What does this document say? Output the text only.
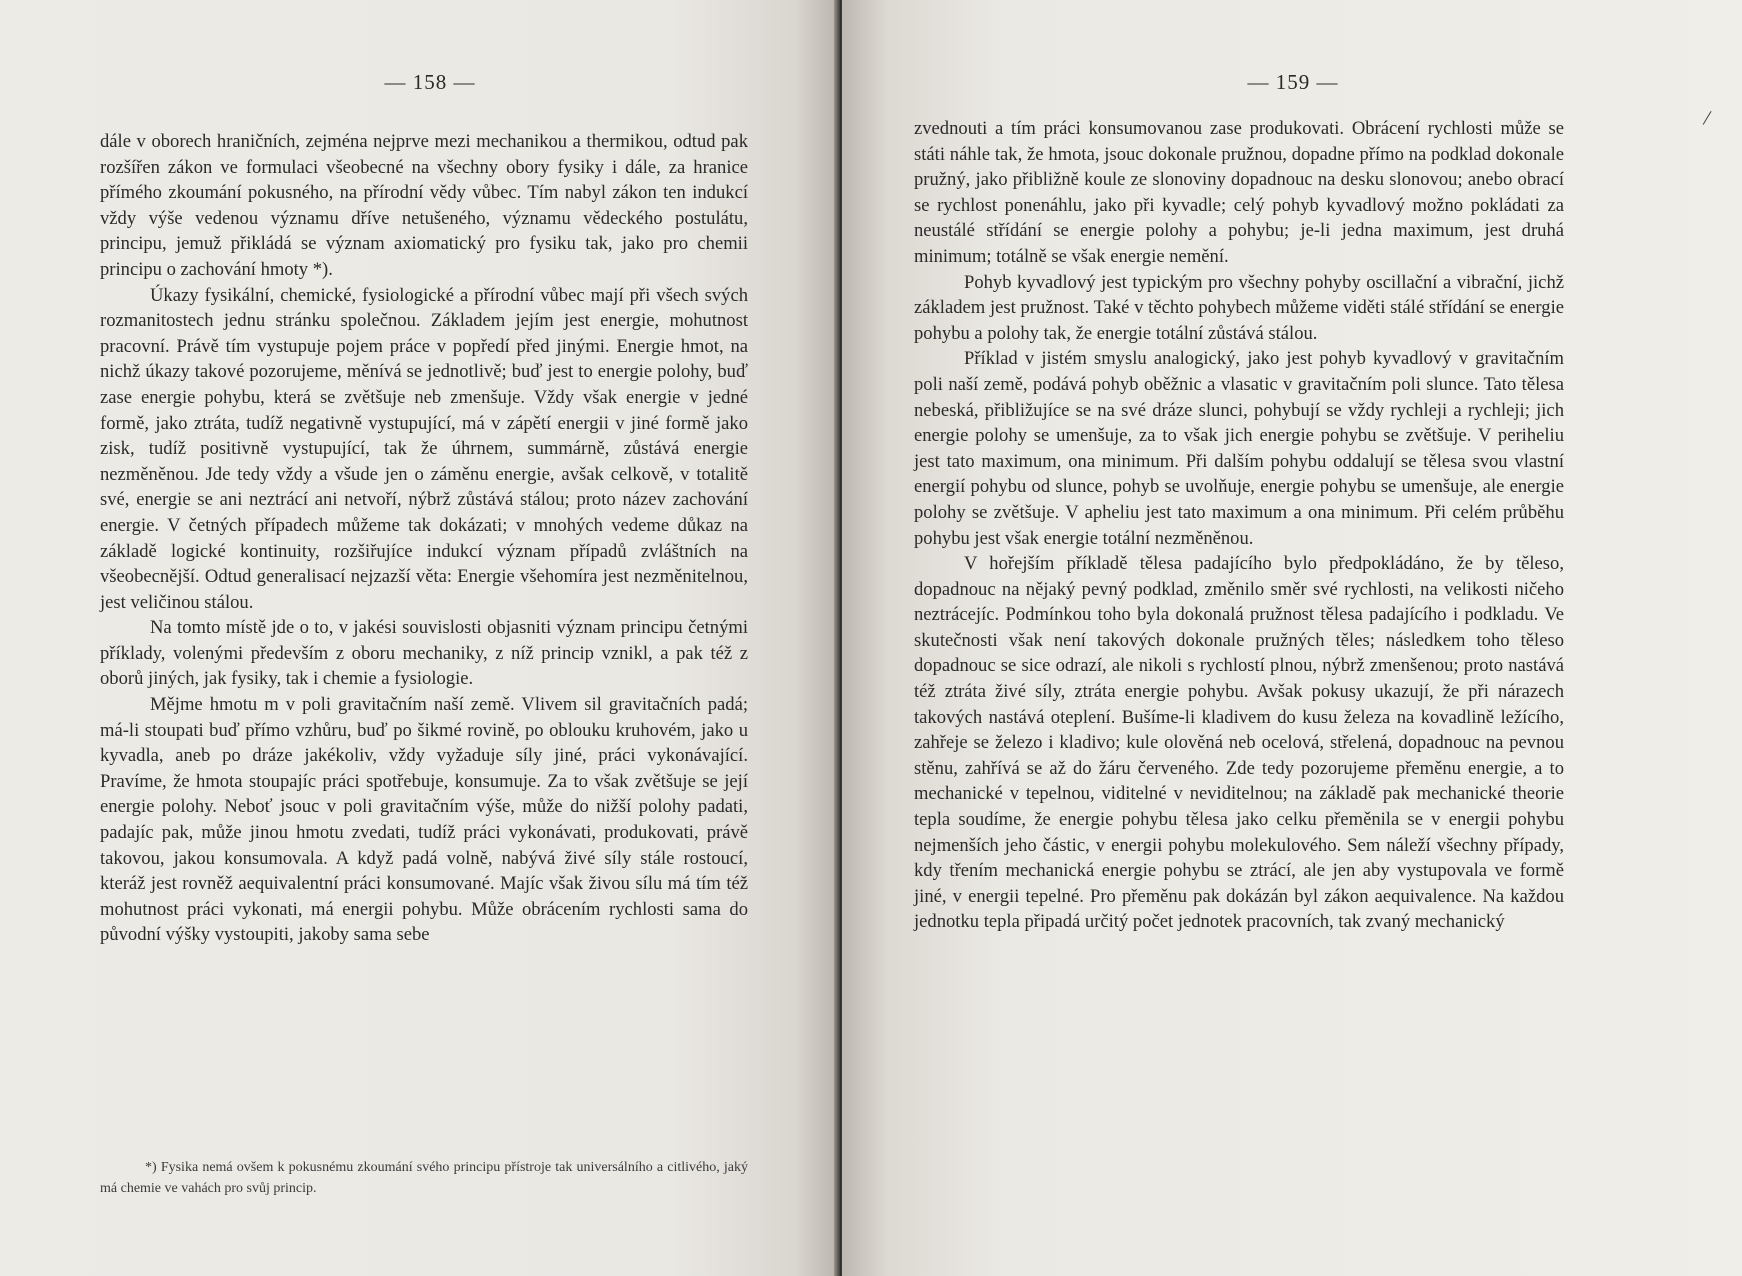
— 158 —

dále v oborech hraničních, zejména nejprve mezi mechanikou a thermikou, odtud pak rozšířen zákon ve formulaci všeobecné na všechny obory fysiky i dále, za hranice přímého zkoumání pokusného, na přírodní vědy vůbec. Tím nabyl zákon ten indukcí vždy výše vedenou významu dříve netušeného, významu vědeckého postulátu, principu, jemuž přikládá se význam axiomatický pro fysiku tak, jako pro chemii principu o zachování hmoty *).

Úkazy fysikální, chemické, fysiologické a přírodní vůbec mají při všech svých rozmanitostech jednu stránku společnou. Základem jejím jest energie, mohutnost pracovní. Právě tím vystupuje pojem práce v popředí před jinými. Energie hmot, na nichž úkazy takové pozorujeme, měnívá se jednotlivě; buď jest to energie polohy, buď zase energie pohybu, která se zvětšuje neb zmenšuje. Vždy však energie v jedné formě, jako ztráta, tudíž negativně vystupující, má v zápětí energii v jiné formě jako zisk, tudíž positivně vystupující, tak že úhrnem, summárně, zůstává energie nezměněnou. Jde tedy vždy a všude jen o záměnu energie, avšak celkově, v totalitě své, energie se ani neztrácí ani netvoří, nýbrž zůstává stálou; proto název zachování energie. V četných případech můžeme tak dokázati; v mnohých vedeme důkaz na základě logické kontinuity, rozšiřujíce indukcí význam případů zvláštních na všeobecnější. Odtud generalisací nejzazší věta: Energie všehomíra jest nezměnitelnou, jest veličinou stálou.

Na tomto místě jde o to, v jakési souvislosti objasniti význam principu četnými příklady, volenými především z oboru mechaniky, z níž princip vznikl, a pak též z oborů jiných, jak fysiky, tak i chemie a fysiologie.

Mějme hmotu m v poli gravitačním naší země. Vlivem sil gravitačních padá; má-li stoupati buď přímo vzhůru, buď po šikmé rovině, po oblouku kruhovém, jako u kyvadla, aneb po dráze jakékoliv, vždy vyžaduje síly jiné, práci vykonávající. Pravíme, že hmota stoupajíc práci spotřebuje, konsumuje. Za to však zvětšuje se její energie polohy. Neboť jsouc v poli gravitačním výše, může do nižší polohy padati, padajíc pak, může jinou hmotu zvedati, tudíž práci vykonávati, produkovati, právě takovou, jakou konsumovala. A když padá volně, nabývá živé síly stále rostoucí, kteráž jest rovněž aequivalentní práci konsumované. Majíc však živou sílu má tím též mohutnost práci vykonati, má energii pohybu. Může obrácením rychlosti sama do původní výšky vystoupiti, jakoby sama sebe

*) Fysika nemá ovšem k pokusnému zkoumání svého principu přístroje tak universálního a citlivého, jaký má chemie ve vahách pro svůj princip.
— 159 —

zvednouti a tím práci konsumovanou zase produkovati. Obrácení rychlosti může se státi náhle tak, že hmota, jsouc dokonale pružnou, dopadne přímo na podklad dokonale pružný, jako přibližně koule ze slonoviny dopadnouc na desku slonovou; anebo obrací se rychlost ponenáhlu, jako při kyvadle; celý pohyb kyvadlový možno pokládati za neustálé střídání se energie polohy a pohybu; je-li jedna maximum, jest druhá minimum; totálně se však energie nemění.

Pohyb kyvadlový jest typickým pro všechny pohyby oscillační a vibrační, jichž základem jest pružnost. Také v těchto pohybech můžeme viděti stálé střídání se energie pohybu a polohy tak, že energie totální zůstává stálou.

Příklad v jistém smyslu analogický, jako jest pohyb kyvadlový v gravitačním poli naší země, podává pohyb oběžnic a vlasatic v gravitačním poli slunce. Tato tělesa nebeská, přibližujíce se na své dráze slunci, pohybují se vždy rychleji a rychleji; jich energie polohy se umenšuje, za to však jich energie pohybu se zvětšuje. V periheliu jest tato maximum, ona minimum. Při dalším pohybu oddalují se tělesa svou vlastní energií pohybu od slunce, pohyb se uvolňuje, energie pohybu se umenšuje, ale energie polohy se zvětšuje. V apheliu jest tato maximum a ona minimum. Při celém průběhu pohybu jest však energie totální nezměněnou.

V hořejším příkladě tělesa padajícího bylo předpokládáno, že by těleso, dopadnouc na nějaký pevný podklad, změnilo směr své rychlosti, na velikosti ničeho neztrácejíc. Podmínkou toho byla dokonalá pružnost tělesa padajícího i podkladu. Ve skutečnosti však není takových dokonale pružných těles; následkem toho těleso dopadnouc se sice odrazí, ale nikoli s rychlostí plnou, nýbrž zmenšenou; proto nastává též ztráta živé síly, ztráta energie pohybu. Avšak pokusy ukazují, že při nárazech takových nastává oteplení. Bušíme-li kladivem do kusu železa na kovadlině ležícího, zahřeje se železo i kladivo; kule olověná neb ocelová, střelená, dopadnouc na pevnou stěnu, zahřívá se až do žáru červeného. Zde tedy pozorujeme přeměnu energie, a to mechanické v tepelnou, viditelné v neviditelnou; na základě pak mechanické theorie tepla soudíme, že energie pohybu tělesa jako celku přeměnila se v energii pohybu nejmenších jeho částic, v energii pohybu molekulového. Sem náleží všechny případy, kdy třením mechanická energie pohybu se ztrácí, ale jen aby vystupovala ve formě jiné, v energii tepelné. Pro přeměnu pak dokázán byl zákon aequivalence. Na každou jednotku tepla připadá určitý počet jednotek pracovních, tak zvaný mechanický

/
